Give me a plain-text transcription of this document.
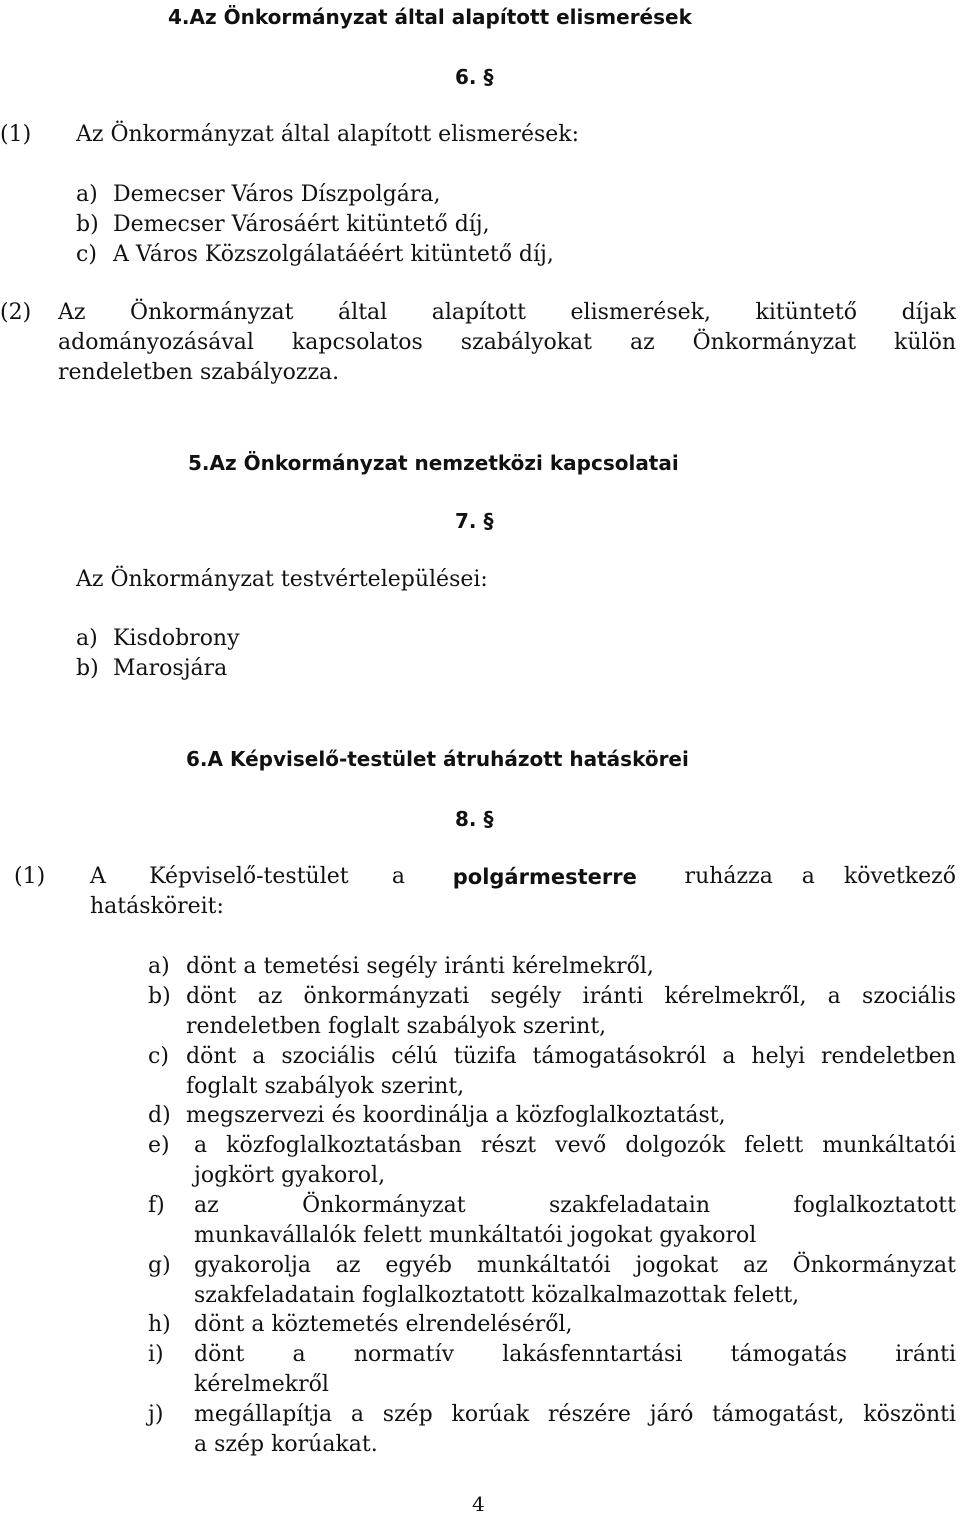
4.Az Önkormányzat által alapított elismerések
6. §
(1) Az Önkormányzat által alapított elismerések:
a) Demecser Város Díszpolgára,
b) Demecser Városáért kitüntető díj,
c) A Város Közszolgálatáéért kitüntető díj,
(2) Az Önkormányzat által alapított elismerések, kitüntető díjak
adományozásával kapcsolatos szabályokat az Önkormányzat külön
rendeletben szabályozza.
5.Az Önkormányzat nemzetközi kapcsolatai
7. §
Az Önkormányzat testvértelepülései:
a) Kisdobrony
b) Marosjára
6.A Képviselő-testület átruházott hatáskörei
8. §
(1) A Képviselő-testület a polgármesterre ruházza a következő
hatásköreit:
a) dönt a temetési segély iránti kérelmekről,
b) dönt az önkormányzati segély iránti kérelmekről, a szociális
rendeletben foglalt szabályok szerint,
c) dönt a szociális célú tüzifa támogatásokról a helyi rendeletben
foglalt szabályok szerint,
d) megszervezi és koordinálja a közfoglalkoztatást,
e) a közfoglalkoztatásban részt vevő dolgozók felett munkáltatói
jogkört gyakorol,
f) az Önkormányzat szakfeladatain foglalkoztatott
munkavállalók felett munkáltatói jogokat gyakorol
g) gyakorolja az egyéb munkáltatói jogokat az Önkormányzat
szakfeladatain foglalkoztatott közalkalmazottak felett,
h) dönt a köztemetés elrendeléséről,
i) dönt a normatív lakásfenntartási támogatás iránti
kérelmekről
j) megállapítja a szép korúak részére járó támogatást, köszönti
a szép korúakat.
4
